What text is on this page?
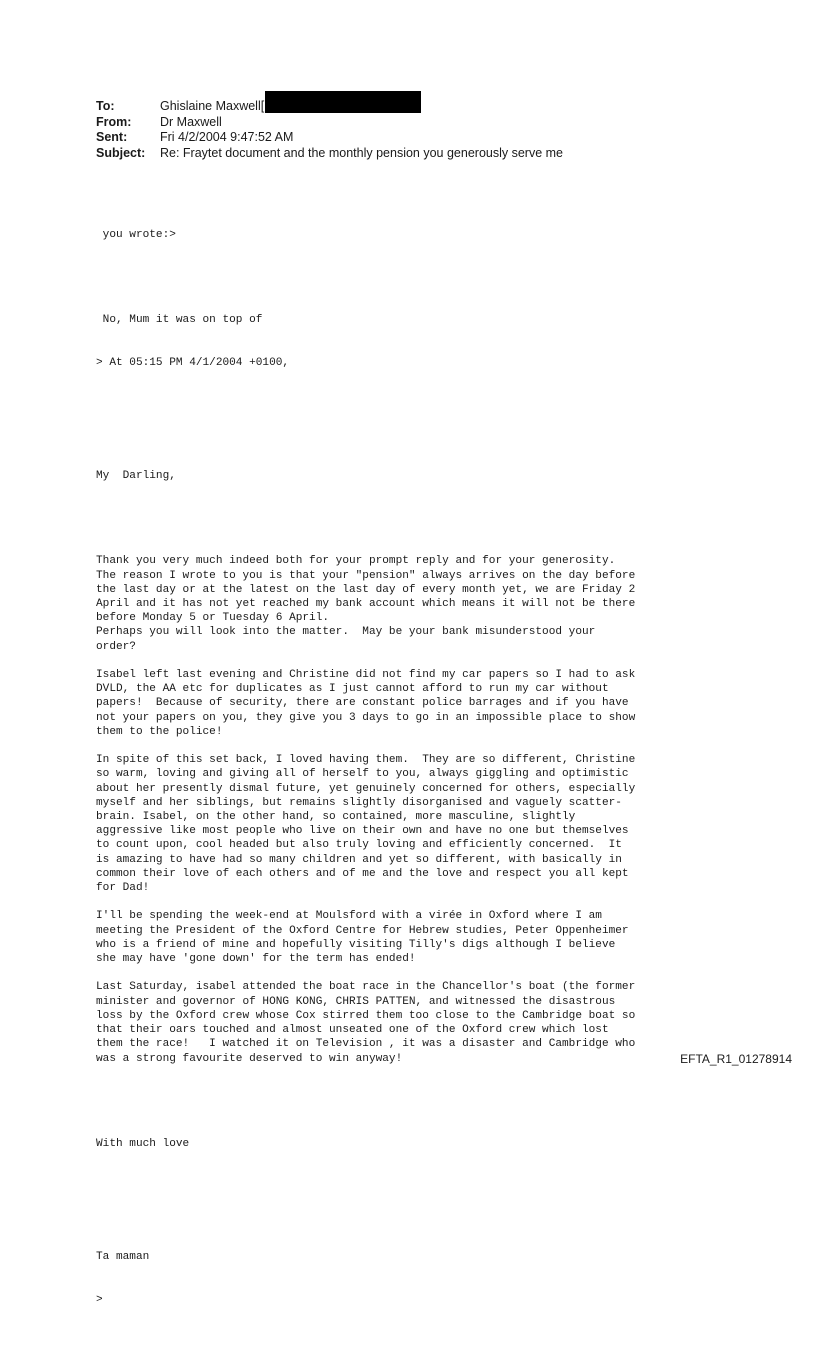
To:	Ghislaine Maxwell[
From:	Dr Maxwell
Sent:	Fri 4/2/2004 9:47:52 AM
Subject:	Re: Fraytet document and the monthly pension you generously serve me

you wrote:>

No, Mum it was on top of

> At 05:15 PM 4/1/2004 +0100,

My  Darling,

Thank you very much indeed both for your prompt reply and for your generosity.
The reason I wrote to you is that your "pension" always arrives on the day before
the last day or at the latest on the last day of every month yet, we are Friday 2
April and it has not yet reached my bank account which means it will not be there
before Monday 5 or Tuesday 6 April.
Perhaps you will look into the matter.  May be your bank misunderstood your
order?
Isabel left last evening and Christine did not find my car papers so I had to ask
DVLD, the AA etc for duplicates as I just cannot afford to run my car without
papers!  Because of security, there are constant police barrages and if you have
not your papers on you, they give you 3 days to go in an impossible place to show
them to the police!
In spite of this set back, I loved having them.  They are so different, Christine
so warm, loving and giving all of herself to you, always giggling and optimistic
about her presently dismal future, yet genuinely concerned for others, especially
myself and her siblings, but remains slightly disorganised and vaguely scatter-
brain. Isabel, on the other hand, so contained, more masculine, slightly
aggressive like most people who live on their own and have no one but themselves
to count upon, cool headed but also truly loving and efficiently concerned.  It
is amazing to have had so many children and yet so different, with basically in
common their love of each others and of me and the love and respect you all kept
for Dad!
I'll be spending the week-end at Moulsford with a virée in Oxford where I am
meeting the President of the Oxford Centre for Hebrew studies, Peter Oppenheimer
who is a friend of mine and hopefully visiting Tilly's digs although I believe
she may have 'gone down' for the term has ended!
Last Saturday, isabel attended the boat race in the Chancellor's boat (the former
minister and governor of HONG KONG, CHRIS PATTEN, and witnessed the disastrous
loss by the Oxford crew whose Cox stirred them too close to the Cambridge boat so
that their oars touched and almost unseated one of the Oxford crew which lost
them the race!   I watched it on Television , it was a disaster and Cambridge who
was a strong favourite deserved to win anyway!

With much love

Ta maman

>

EFTA_R1_01278914
